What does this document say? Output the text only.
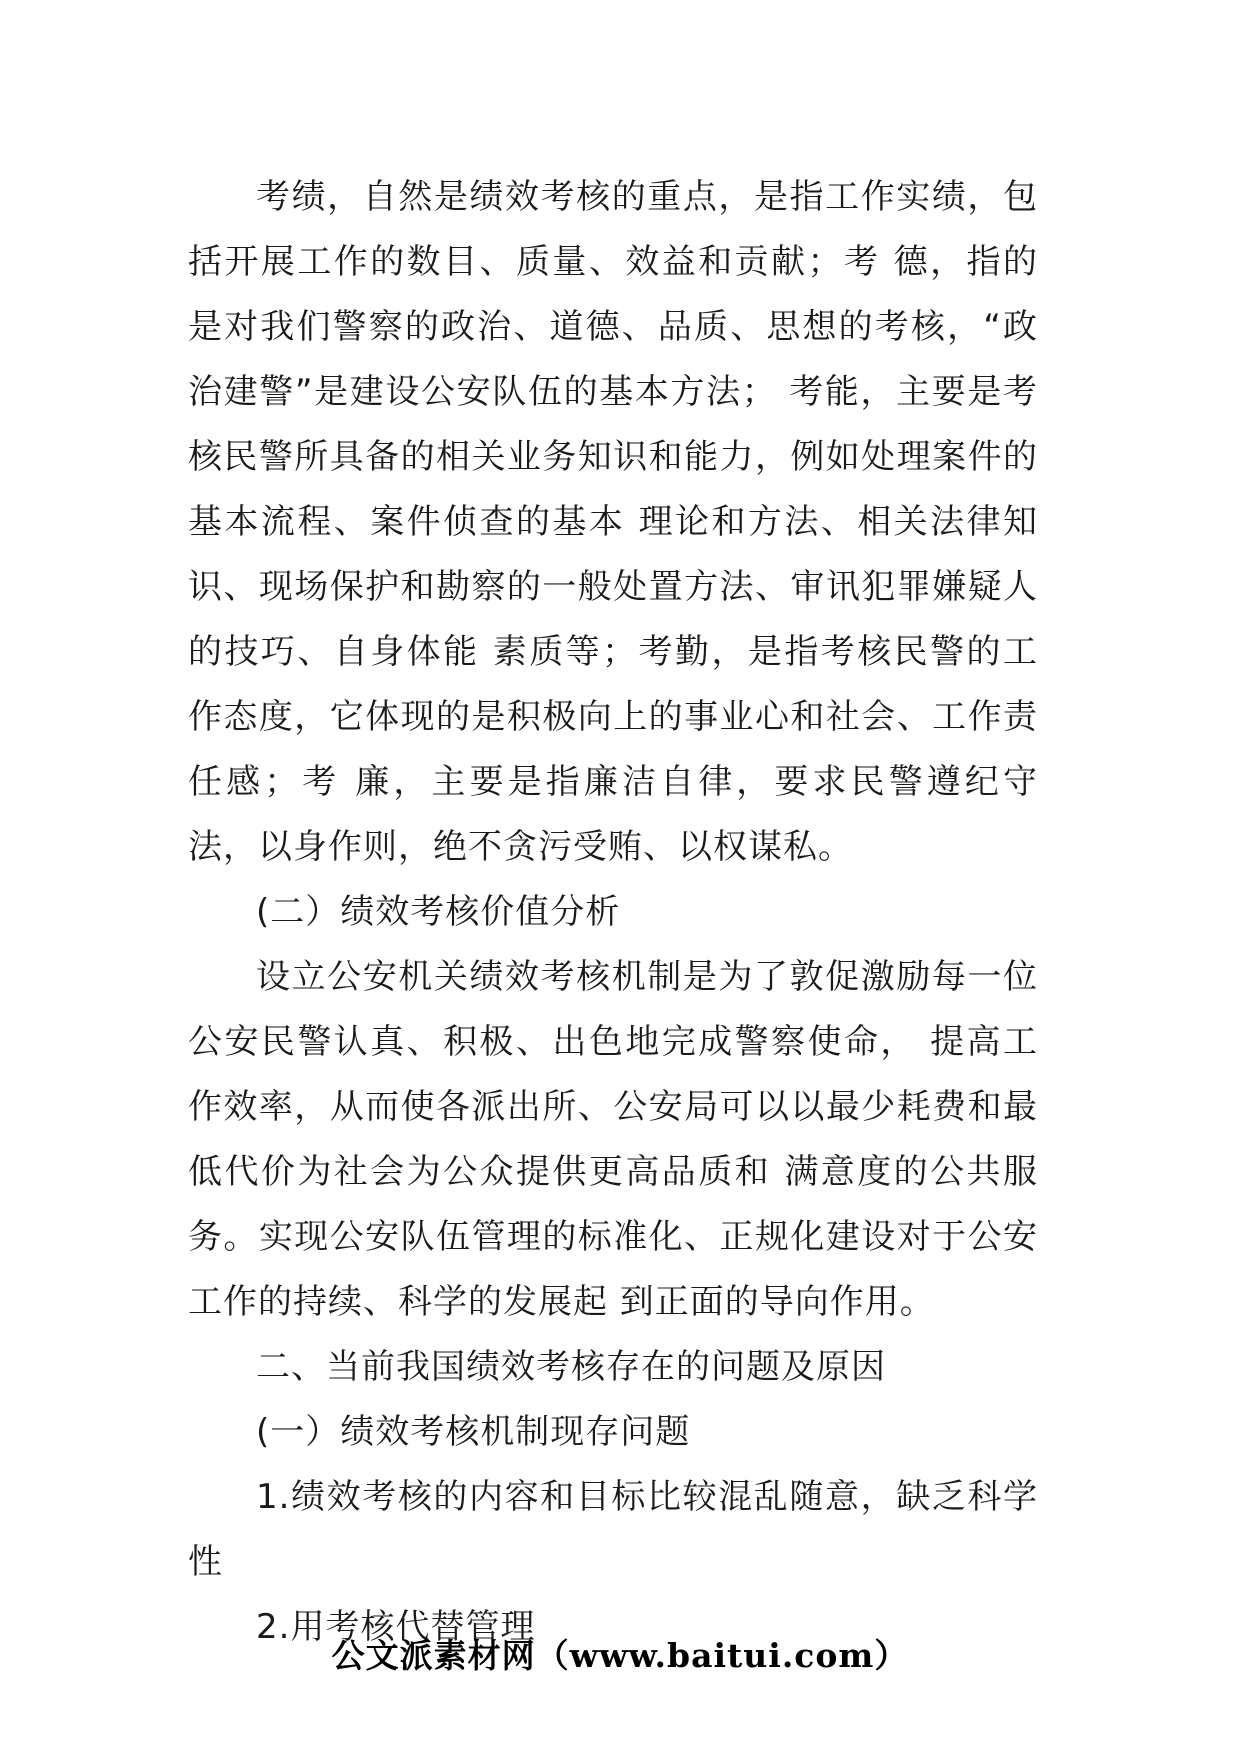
考绩，自然是绩效考核的重点，是指工作实绩，包括开展工作的数目、质量、效益和贡献；考 德，指的是对我们警察的政治、道德、品质、思想的考核，“政治建警”是建设公安队伍的基本方法； 考能，主要是考核民警所具备的相关业务知识和能力，例如处理案件的基本流程、案件侦查的基本 理论和方法、相关法律知识、现场保护和勘察的一般处置方法、审讯犯罪嫌疑人的技巧、自身体能 素质等；考勤，是指考核民警的工作态度，它体现的是积极向上的事业心和社会、工作责任感；考 廉，主要是指廉洁自律，要求民警遵纪守法，以身作则，绝不贪污受贿、以权谋私。

(二）绩效考核价值分析

设立公安机关绩效考核机制是为了敦促激励每一位公安民警认真、积极、出色地完成警察使命， 提高工作效率，从而使各派出所、公安局可以以最少耗费和最低代价为社会为公众提供更高品质和 满意度的公共服务。实现公安队伍管理的标准化、正规化建设对于公安工作的持续、科学的发展起 到正面的导向作用。

二、当前我国绩效考核存在的问题及原因

(一）绩效考核机制现存问题

1.绩效考核的内容和目标比较混乱随意，缺乏科学性

2.用考核代替管理

公文派素材网（www.baitui.com）
